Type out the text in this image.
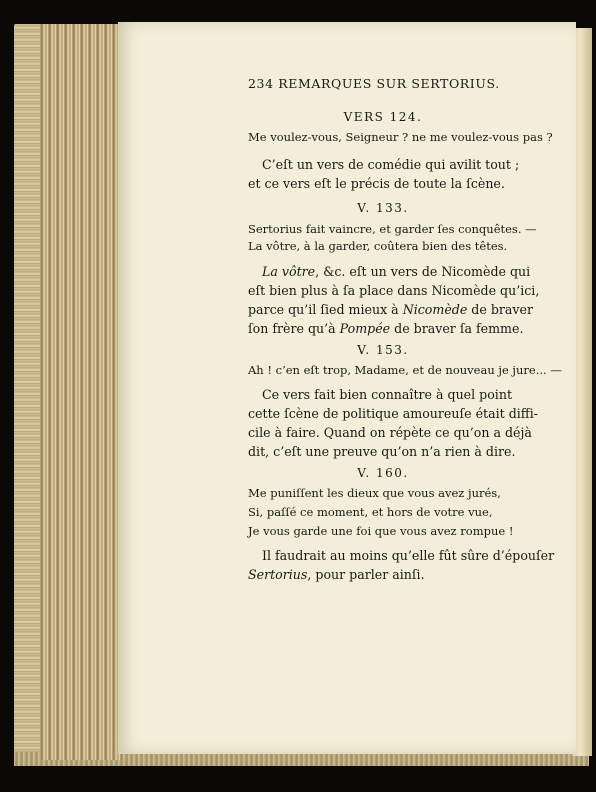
234 REMARQUES SUR SERTORIUS.
VERS 124.
Me voulez-vous, Seigneur ? ne me voulez-vous pas ?
C’eſt un vers de comédie qui avilit tout ;
et ce vers eſt le précis de toute la ſcène.
V. 133.
Sertorius fait vaincre, et garder ſes conquêtes. —
La vôtre, à la garder, coûtera bien des têtes.
La vôtre, &c. eſt un vers de Nicomède qui
eſt bien plus à ſa place dans Nicomède qu’ici,
parce qu’il ſied mieux à Nicomède de braver
ſon frère qu’à Pompée de braver ſa femme.
V. 153.
Ah ! c’en eſt trop, Madame, et de nouveau je jure... —
Ce vers fait bien connaître à quel point
cette ſcène de politique amoureuſe était diffi-
cile à faire. Quand on répète ce qu’on a déjà
dit, c’eſt une preuve qu’on n’a rien à dire.
V. 160.
Me puniſſent les dieux que vous avez jurés,
Si, paſſé ce moment, et hors de votre vue,
Je vous garde une foi que vous avez rompue !
Il faudrait au moins qu’elle fût sûre d’épouſer
Sertorius, pour parler ainſi.
